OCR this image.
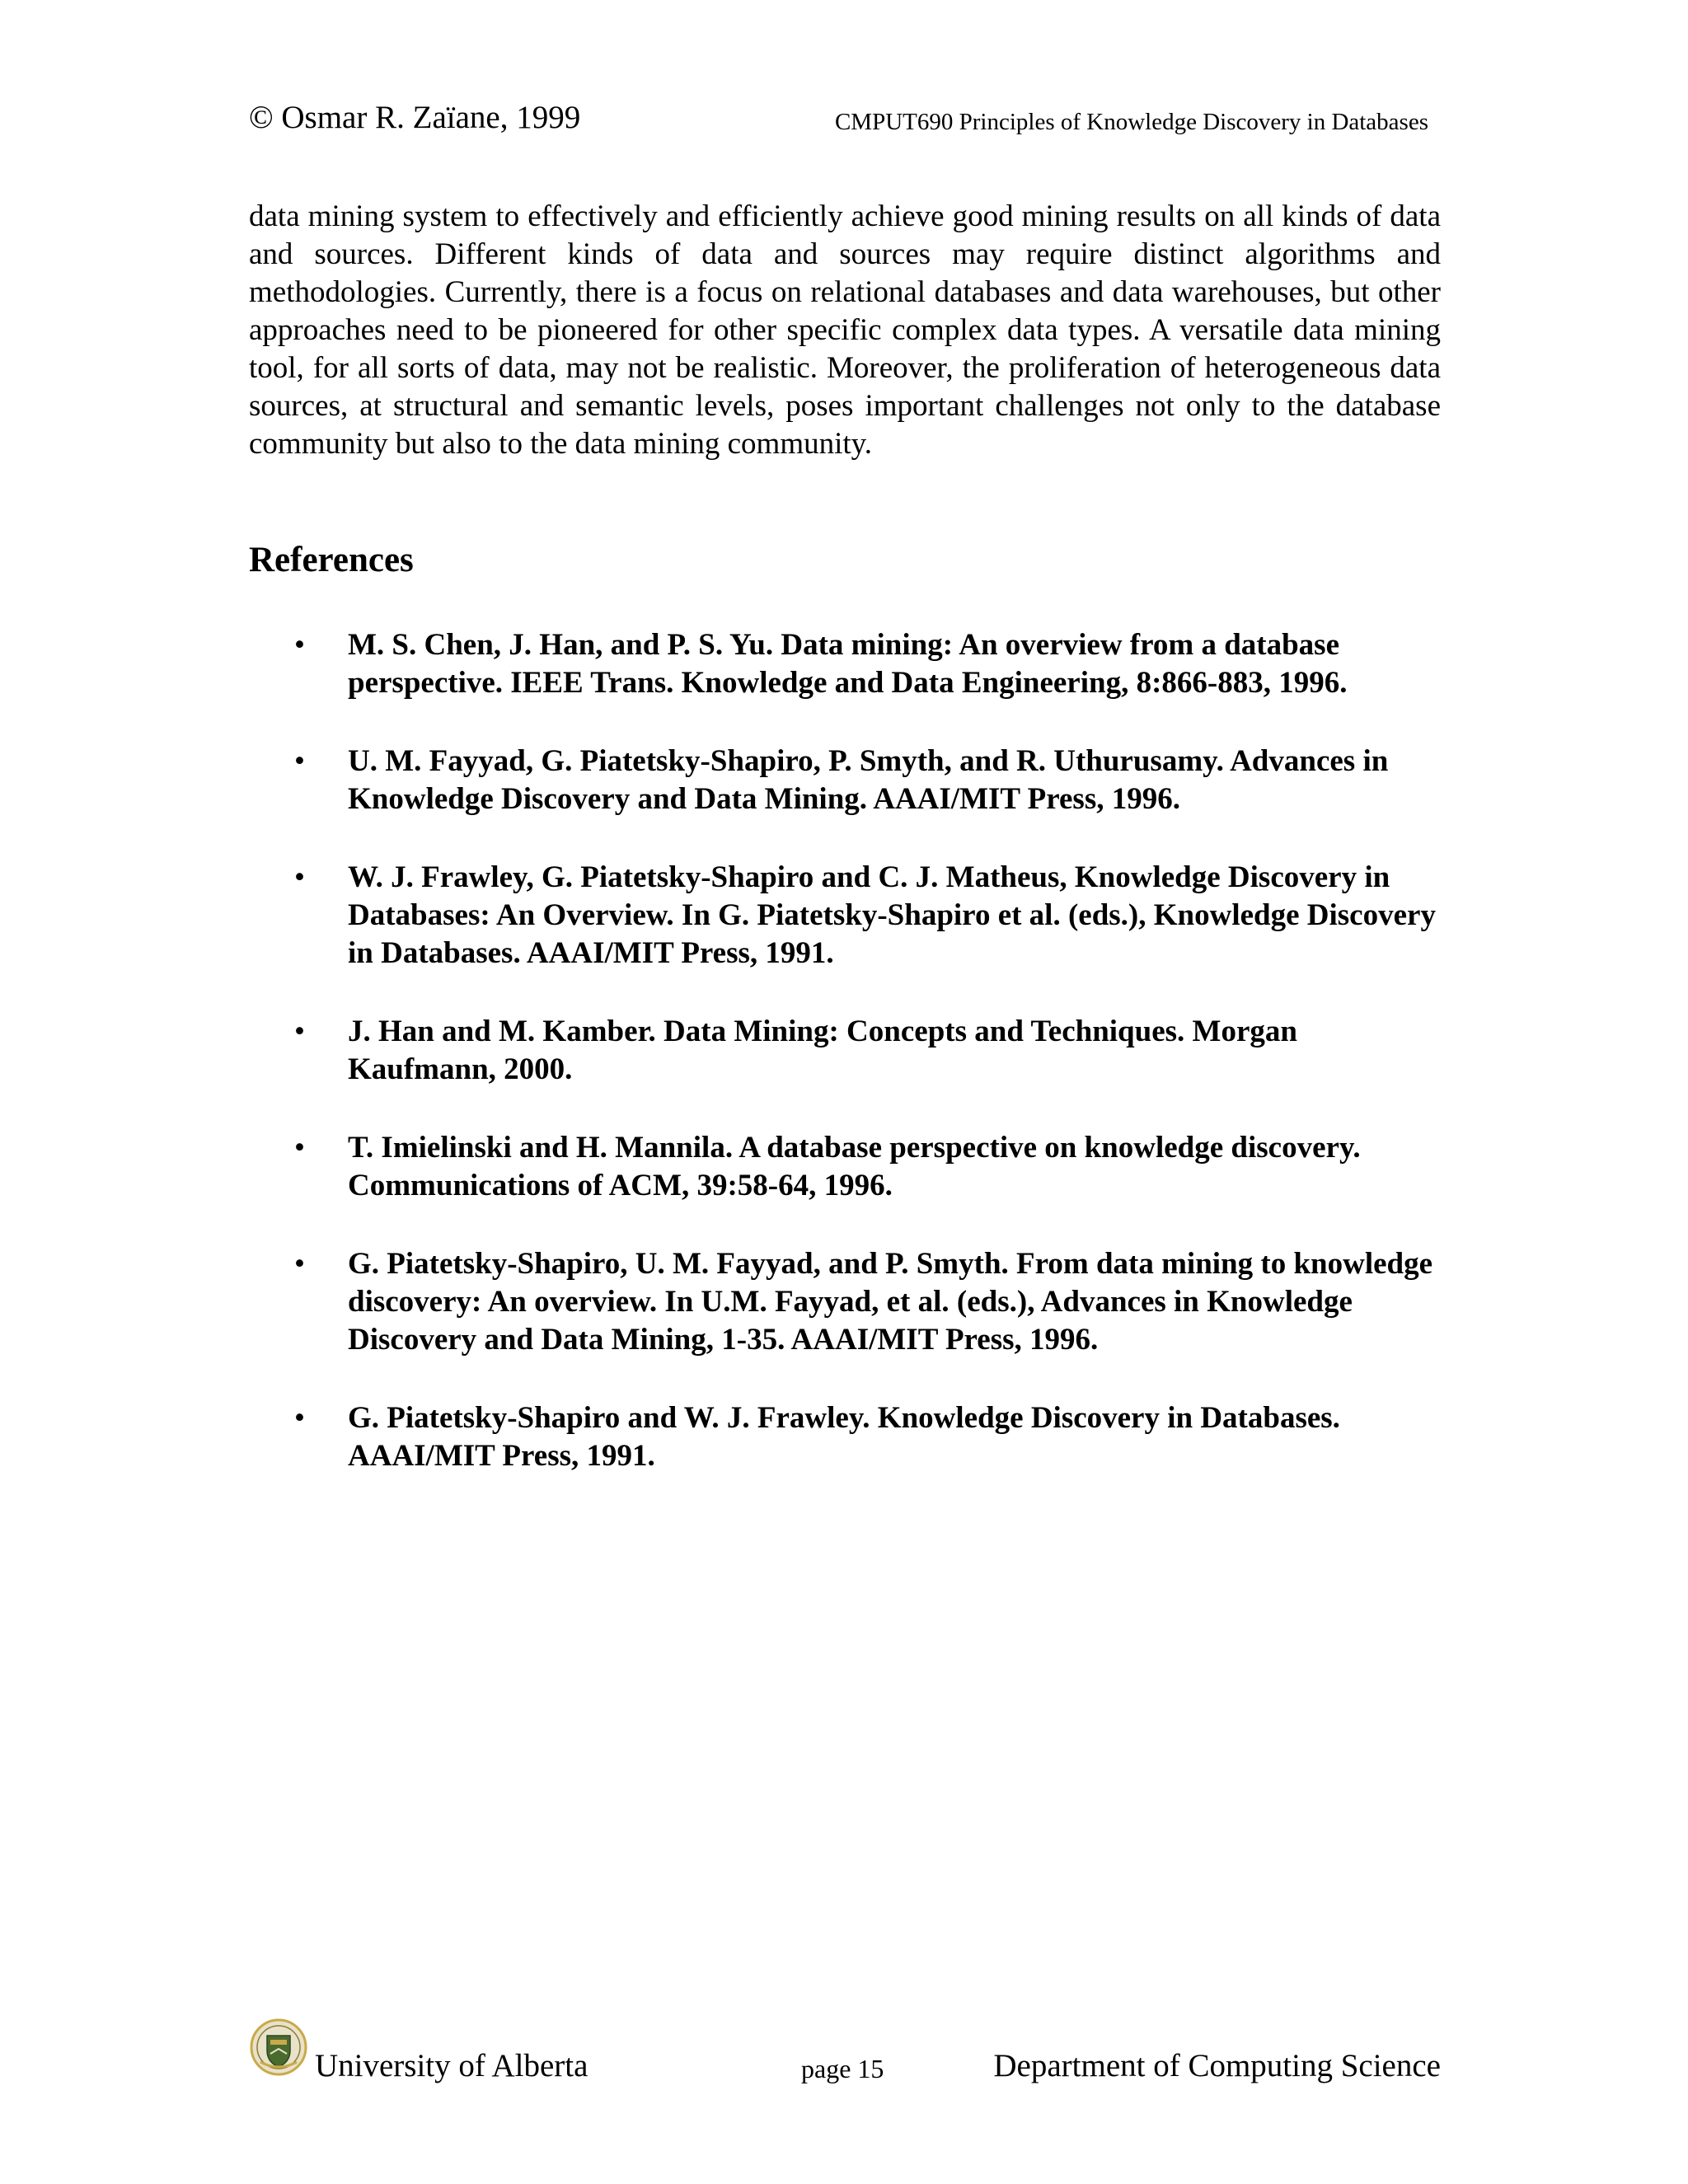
© Osmar R. Zaïane, 1999	CMPUT690 Principles of Knowledge Discovery in Databases

data mining system to effectively and efficiently achieve good mining results on all kinds of data and sources. Different kinds of data and sources may require distinct algorithms and methodologies. Currently, there is a focus on relational databases and data warehouses, but other approaches need to be pioneered for other specific complex data types. A versatile data mining tool, for all sorts of data, may not be realistic. Moreover, the proliferation of heterogeneous data sources, at structural and semantic levels, poses important challenges not only to the database community but also to the data mining community.

References
• M. S. Chen, J. Han, and P. S. Yu. Data mining: An overview from a database perspective. IEEE Trans. Knowledge and Data Engineering, 8:866-883, 1996.
• U. M. Fayyad, G. Piatetsky-Shapiro, P. Smyth, and R. Uthurusamy. Advances in Knowledge Discovery and Data Mining. AAAI/MIT Press, 1996.
• W. J. Frawley, G. Piatetsky-Shapiro and C. J. Matheus, Knowledge Discovery in Databases: An Overview. In G. Piatetsky-Shapiro et al. (eds.), Knowledge Discovery in Databases. AAAI/MIT Press, 1991.
• J. Han and M. Kamber. Data Mining: Concepts and Techniques. Morgan Kaufmann, 2000.
• T. Imielinski and H. Mannila. A database perspective on knowledge discovery. Communications of ACM, 39:58-64, 1996.
• G. Piatetsky-Shapiro, U. M. Fayyad, and P. Smyth. From data mining to knowledge discovery: An overview. In U.M. Fayyad, et al. (eds.), Advances in Knowledge Discovery and Data Mining, 1-35. AAAI/MIT Press, 1996.
• G. Piatetsky-Shapiro and W. J. Frawley. Knowledge Discovery in Databases. AAAI/MIT Press, 1991.
University of Alberta	page 15	Department of Computing Science
